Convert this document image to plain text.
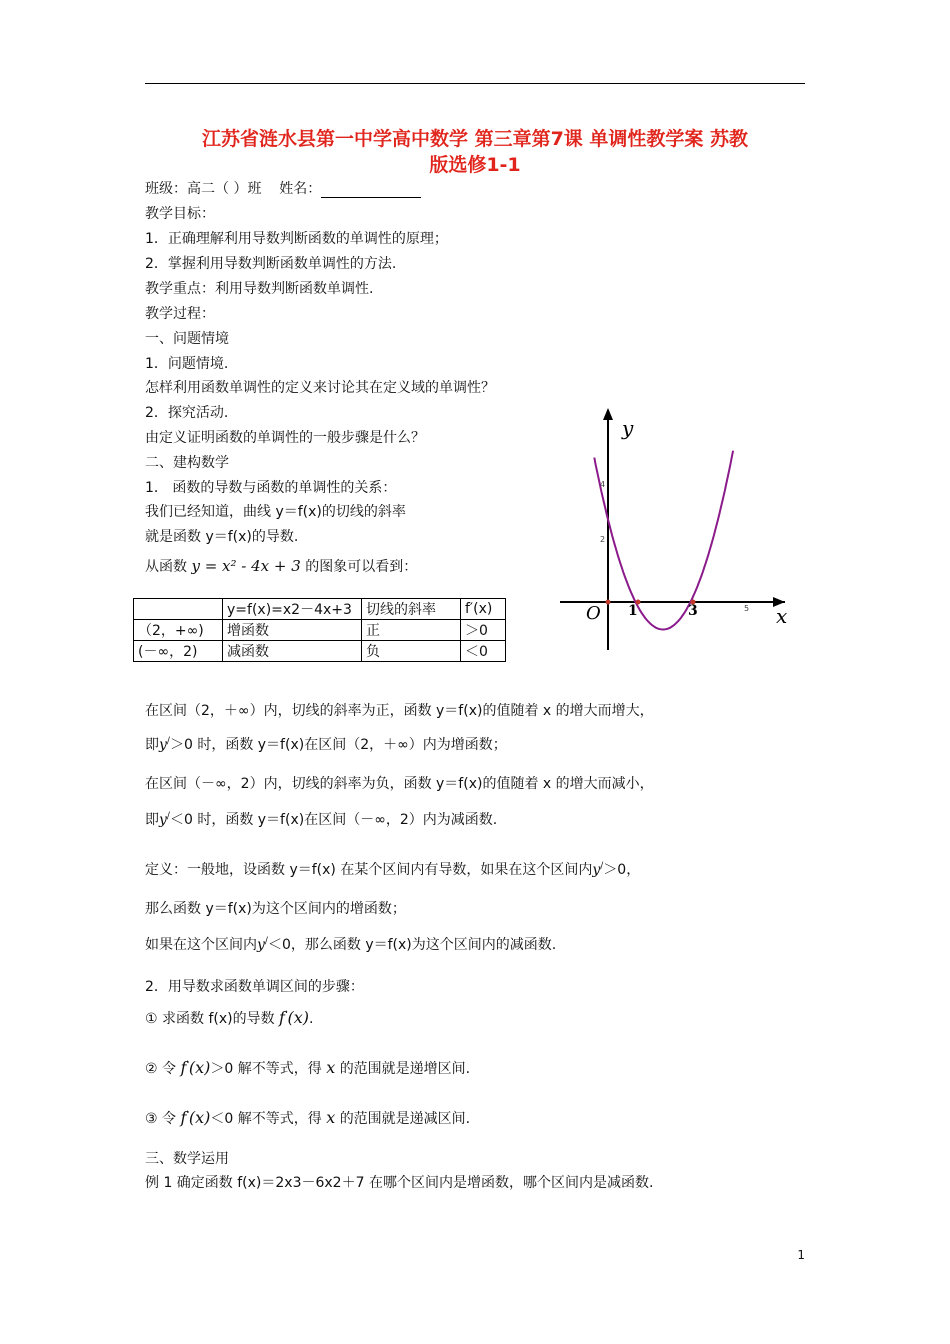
江苏省涟水县第一中学高中数学 第三章第7课 单调性教学案 苏教
版选修1-1
班级：高二（ ）班 姓名：
教学目标：
1．正确理解利用导数判断函数的单调性的原理；
2．掌握利用导数判断函数单调性的方法.
教学重点：利用导数判断函数单调性.
教学过程：
一、问题情境
1．问题情境.
怎样利用函数单调性的定义来讨论其在定义域的单调性？
2．探究活动.
由定义证明函数的单调性的一般步骤是什么？
二、建构数学
1． 函数的导数与函数的单调性的关系：
我们已经知道，曲线 y＝f(x)的切线的斜率
就是函数 y＝f(x)的导数.
从函数 y = x² - 4x + 3 的图象可以看到：
	y=f(x)=x2－4x+3	切线的斜率	f′(x)
（2，+∞)	增函数	正	＞0
(－∞，2)	减函数	负	＜0
y
x
O 1	3	5
2
4
在区间（2，＋∞）内，切线的斜率为正，函数 y＝f(x)的值随着 x 的增大而增大，
即y/＞0 时，函数 y＝f(x)在区间（2，＋∞）内为增函数；
在区间（－∞，2）内，切线的斜率为负，函数 y＝f(x)的值随着 x 的增大而减小，
即y/＜0 时，函数 y＝f(x)在区间（－∞，2）内为减函数.
定义：一般地，设函数 y＝f(x) 在某个区间内有导数，如果在这个区间内y/＞0，
那么函数 y＝f(x)为这个区间内的增函数；
如果在这个区间内y/＜0，那么函数 y＝f(x)为这个区间内的减函数.
2．用导数求函数单调区间的步骤：
① 求函数 f(x)的导数 f'(x).
② 令 f'(x)＞0 解不等式，得 x 的范围就是递增区间.
③ 令 f'(x)＜0 解不等式，得 x 的范围就是递减区间.
三、数学运用
例 1 确定函数 f(x)＝2x3－6x2＋7 在哪个区间内是增函数，哪个区间内是减函数.
1
